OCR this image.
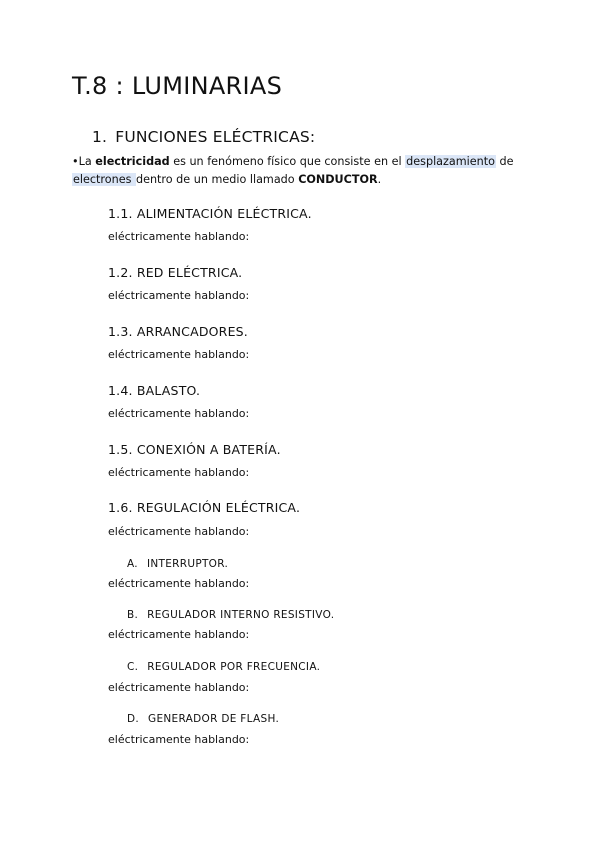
T.8 : LUMINARIAS
1. FUNCIONES ELÉCTRICAS:
•La electricidad es un fenómeno físico que consiste en el desplazamiento de electrones dentro de un medio llamado CONDUCTOR.
1.1. ALIMENTACIÓN ELÉCTRICA.
eléctricamente hablando:
1.2. RED ELÉCTRICA.
eléctricamente hablando:
1.3. ARRANCADORES.
eléctricamente hablando:
1.4. BALASTO.
eléctricamente hablando:
1.5. CONEXIÓN A BATERÍA.
eléctricamente hablando:
1.6. REGULACIÓN ELÉCTRICA.
eléctricamente hablando:
A. INTERRUPTOR.
eléctricamente hablando:
B. REGULADOR INTERNO RESISTIVO.
eléctricamente hablando:
C. REGULADOR POR FRECUENCIA.
eléctricamente hablando:
D. GENERADOR DE FLASH.
eléctricamente hablando:
